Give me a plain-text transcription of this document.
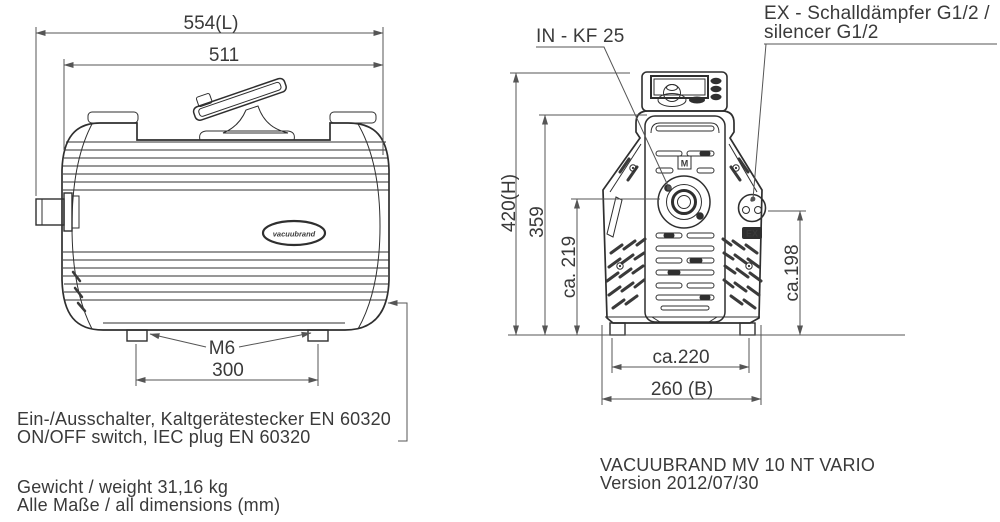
vacuubrand
554(L)
511
300
M6
M
EX
420(H) 359
ca. 219	ca.198
ca.220
260 (B)
IN - KF 25
EX - Schalldämpfer G1/2 /
silencer G1/2
Ein-/Ausschalter, Kaltgerätestecker EN 60320
ON/OFF switch, IEC plug EN 60320
Gewicht / weight 31,16 kg
Alle Maße / all dimensions (mm)
VACUUBRAND MV 10 NT VARIO
Version 2012/07/30
